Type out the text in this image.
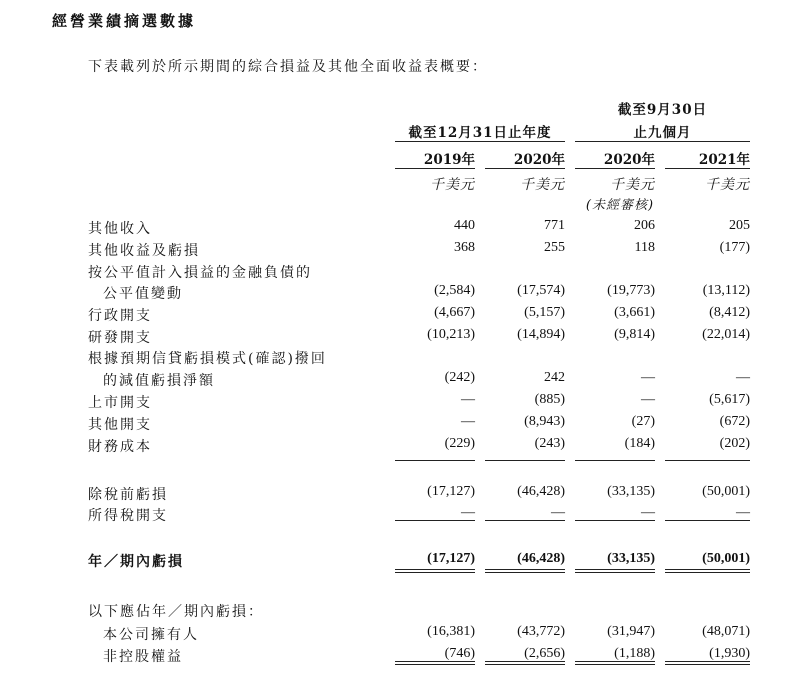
經營業績摘選數據
下表載列於所示期間的綜合損益及其他全面收益表概要：
截至12月31日止年度
截至9月30日
止九個月
2019年	2020年	2020年	2021年
千美元	千美元	千美元	千美元
(未經審核)
其他收入	440	771	206	205
其他收益及虧損	368	255	118	(177)
按公平值計入損益的金融負債的
公平值變動	(2,584)	(17,574)	(19,773)	(13,112)
行政開支	(4,667)	(5,157)	(3,661)	(8,412)
研發開支	(10,213)	(14,894)	(9,814)	(22,014)
根據預期信貸虧損模式(確認)撥回
的減值虧損淨額	(242)	242	—	—
上市開支	—	(885)	—	(5,617)
其他開支	—	(8,943)	(27)	(672)
財務成本	(229)	(243)	(184)	(202)
除稅前虧損	(17,127)	(46,428)	(33,135)	(50,001)
所得稅開支	—	—	—	—
年／期內虧損	(17,127)	(46,428)	(33,135)	(50,001)
以下應佔年／期內虧損：
本公司擁有人	(16,381)	(43,772)	(31,947)	(48,071)
非控股權益	(746)	(2,656)	(1,188)	(1,930)
